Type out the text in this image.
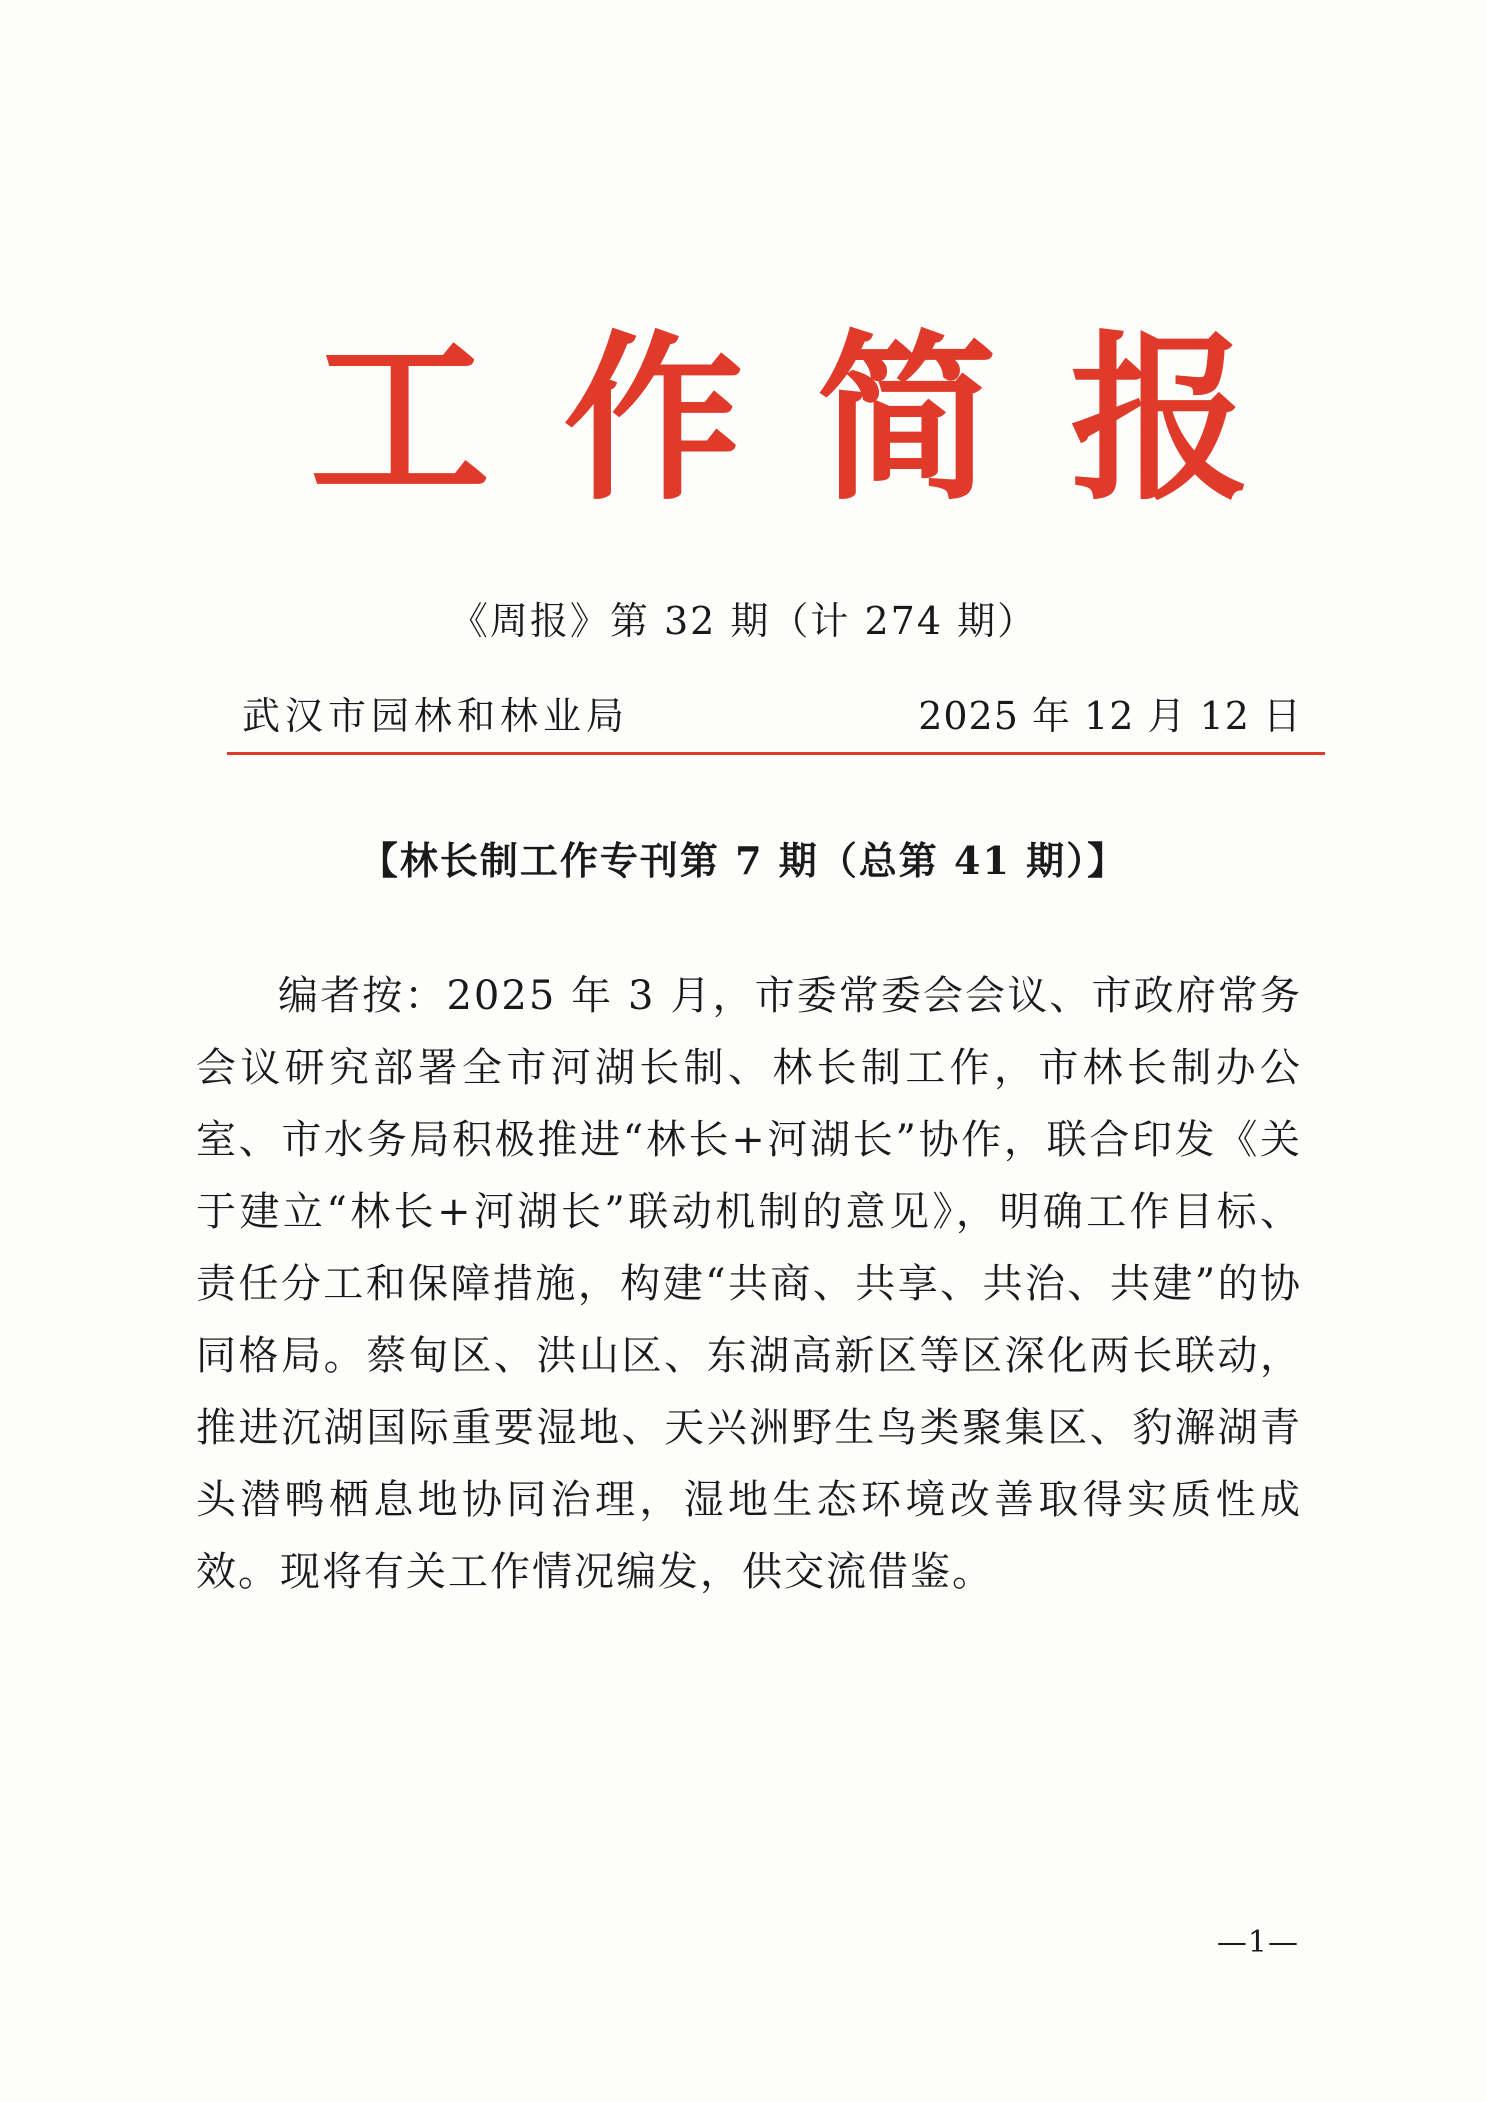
工 作 简 报
《周报》第 32 期（计 274 期）
武汉市园林和林业局	2025 年 12 月 12 日
【林长制工作专刊第 7 期（总第 41 期）】

编者按：2025 年 3 月，市委常委会会议、市政府常务会议研究部署全市河湖长制、林长制工作，市林长制办公室、市水务局积极推进“林长+河湖长”协作，联合印发《关于建立“林长+河湖长”联动机制的意见》，明确工作目标、责任分工和保障措施，构建“共商、共享、共治、共建”的协同格局。蔡甸区、洪山区、东湖高新区等区深化两长联动，推进沉湖国际重要湿地、天兴洲野生鸟类聚集区、豹澥湖青头潜鸭栖息地协同治理，湿地生态环境改善取得实质性成效。现将有关工作情况编发，供交流借鉴。

—1—
